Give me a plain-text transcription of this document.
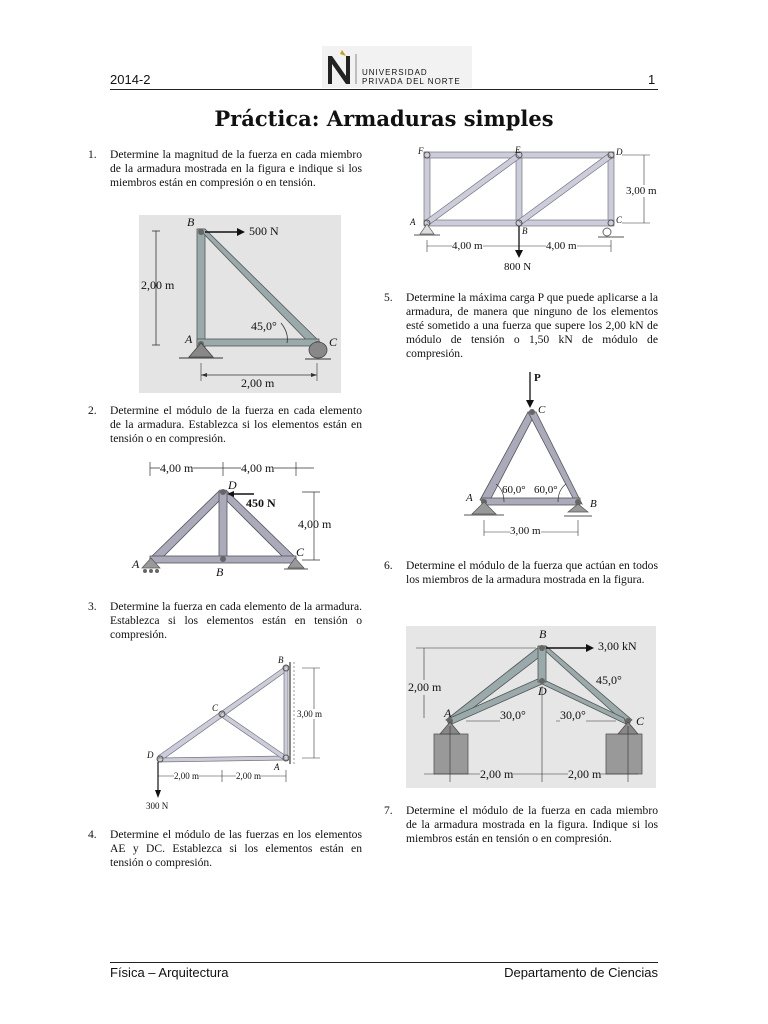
2014-2	1
UNIVERSIDAD
PRIVADA DEL NORTE
Práctica: Armaduras simples
1. Determine la magnitud de la fuerza en cada miembro de la armadura mostrada en la figura e indique si los miembros están en compresión o en tensión.
B
500 N
2,00 m
45,0°
A	C
2,00 m
2. Determine el módulo de la fuerza en cada elemento de la armadura. Establezca si los elementos están en tensión o en compresión.
4,00 m	4,00 m
D
450 N
4,00 m
C
A
B
3. Determine la fuerza en cada elemento de la armadura. Establezca si los elementos están en tensión o compresión.
B
C
3,00 m
D
A
2,00 m	2,00 m
300 N
4. Determine el módulo de las fuerzas en los elementos AE y DC. Establezca si los elementos están en tensión o compresión.
F	E	D
3,00 m
A
B
C
4,00 m	4,00 m
800 N
5. Determine la máxima carga P que puede aplicarse a la armadura, de manera que ninguno de los elementos esté sometido a una fuerza que supere los 2,00 kN de módulo de tensión o 1,50 kN de módulo de compresión.
P
C
60,0° 60,0°
A	B
3,00 m
6. Determine el módulo de la fuerza que actúan en todos los miembros de la armadura mostrada en la figura.
B
3,00 kN
2,00 m	D
45,0°
A	30,0°	30,0°	C
2,00 m	2,00 m
7. Determine el módulo de la fuerza en cada miembro de la armadura mostrada en la figura. Indique si los miembros están en tensión o en compresión.
Física – Arquitectura	Departamento de Ciencias
